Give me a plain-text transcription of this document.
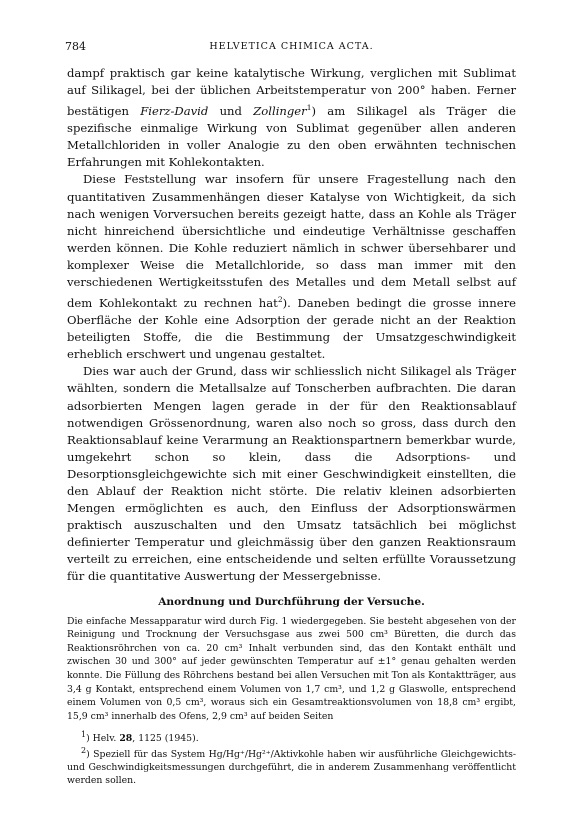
784	HELVETICA CHIMICA ACTA.

dampf praktisch gar keine katalytische Wirkung, verglichen mit Sublimat auf Silikagel, bei der üblichen Arbeitstemperatur von 200° haben. Ferner bestätigen Fierz-David und Zollinger$^1$) am Silikagel als Träger die spezifische einmalige Wirkung von Sublimat gegenüber allen anderen Metallchloriden in voller Analogie zu den oben erwähnten technischen Erfahrungen mit Kohlekontakten.

Diese Feststellung war insofern für unsere Fragestellung nach den quantitativen Zusammenhängen dieser Katalyse von Wichtigkeit, da sich nach wenigen Vorversuchen bereits gezeigt hatte, dass an Kohle als Träger nicht hinreichend übersichtliche und eindeutige Verhältnisse geschaffen werden können. Die Kohle reduziert nämlich in schwer übersehbarer und komplexer Weise die Metallchloride, so dass man immer mit den verschiedenen Wertigkeitsstufen des Metalles und dem Metall selbst auf dem Kohlekontakt zu rechnen hat$^2$). Daneben bedingt die grosse innere Oberfläche der Kohle eine Adsorption der gerade nicht an der Reaktion beteiligten Stoffe, die die Bestimmung der Umsatzgeschwindigkeit erheblich erschwert und ungenau gestaltet.

Dies war auch der Grund, dass wir schliesslich nicht Silikagel als Träger wählten, sondern die Metallsalze auf Tonscherben aufbrachten. Die daran adsorbierten Mengen lagen gerade in der für den Reaktionsablauf notwendigen Grössenordnung, waren also noch so gross, dass durch den Reaktionsablauf keine Verarmung an Reaktionspartnern bemerkbar wurde, umgekehrt schon so klein, dass die Adsorptions- und Desorptionsgleichgewichte sich mit einer Geschwindigkeit einstellten, die den Ablauf der Reaktion nicht störte. Die relativ kleinen adsorbierten Mengen ermöglichten es auch, den Einfluss der Adsorptionswärmen praktisch auszuschalten und den Umsatz tatsächlich bei möglichst definierter Temperatur und gleichmässig über den ganzen Reaktionsraum verteilt zu erreichen, eine entscheidende und selten erfüllte Voraussetzung für die quantitative Auswertung der Messergebnisse.

Anordnung und Durchführung der Versuche.

Die einfache Messapparatur wird durch Fig. 1 wiedergegeben. Sie besteht abgesehen von der Reinigung und Trocknung der Versuchsgase aus zwei 500 cm³ Büretten, die durch das Reaktionsröhrchen von ca. 20 cm³ Inhalt verbunden sind, das den Kontakt enthält und zwischen 30 und 300° auf jeder gewünschten Temperatur auf ±1° genau gehalten werden konnte. Die Füllung des Röhrchens bestand bei allen Versuchen mit Ton als Kontaktträger, aus 3,4 g Kontakt, entsprechend einem Volumen von 1,7 cm³, und 1,2 g Glaswolle, entsprechend einem Volumen von 0,5 cm³, woraus sich ein Gesamtreaktionsvolumen von 18,8 cm³ ergibt, 15,9 cm³ innerhalb des Ofens, 2,9 cm³ auf beiden Seiten

1) Helv. 28, 1125 (1945).

2) Speziell für das System Hg/Hg⁺/Hg²⁺/Aktivkohle haben wir ausführliche Gleichgewichts- und Geschwindigkeitsmessungen durchgeführt, die in anderem Zusammenhang veröffentlicht werden sollen.
